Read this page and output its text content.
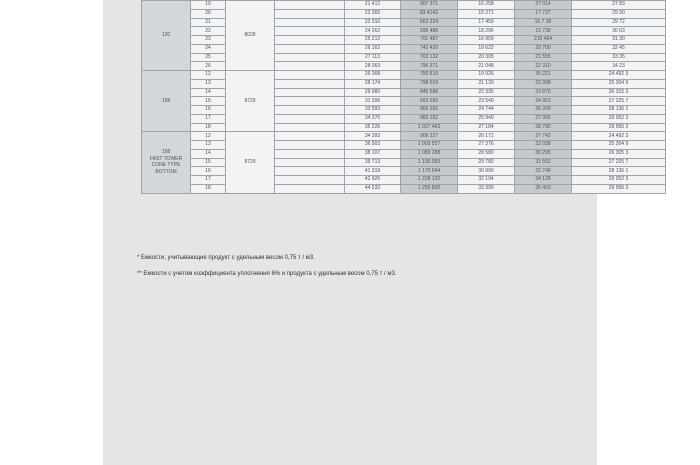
120	19	8028		21 412	907 371	16 258	27 014	27 83
	20			22 365	83 4142	15 271	17 737	29 90
	21			23 310	563 224	17 459	16 7 38	29 72
	22			24 262	595 488	18 296	15 738	30 63
	23			25 212	701 487	16 909	216 464	31 30
	24			26 162	742 420	19 622	20 700	32 45
	25			27 113	763 132	20 305	21 555	33 35
	26			28 063	796 371	21 048	22 310	34 23
158	12	8729		26 368	750 519	19 926	35 221	24 492 3
	13			28 174	798 019	21 130	22 398	25 304 9
	14			29 980	845 588	22 335	23 875	26 315 3
	15			31 396	693 093	23 540	24 953	27 225 7
	16			33 593	906 202	24 744	26 209	28 136 1
	17			34 370	983 152	25 940	27 356	29 052 3
	18			35 226	1 027 463	27 184	28 790	29 956 3
158
FAST TOWER
CONE TYPE
BOTTOM	12	8729		34 393	906 227	26 171	27 742	24 492 3
	13			36 503	1 003 537	27 376	22 038	25 304 9
	14			38 107	1 083 288	28 580	30 295	26 305 3
	15			39 713	1 100 993	29 780	31 552	27 225 7
	16			41 319	1 170 544	30 990	32 749	28 136 1
	17			42 926	1 228 120	32 194	34 128	29 052 3
	18			44 532	1 255 830	33 399	35 403	29 956 3

* Емкости, учитывающие продукт с удельным весом 0,75 т / м3.

** Емкости с учетом коэффициента уплотнения 6% и продукта с удельным весом 0,75 т / м3.
